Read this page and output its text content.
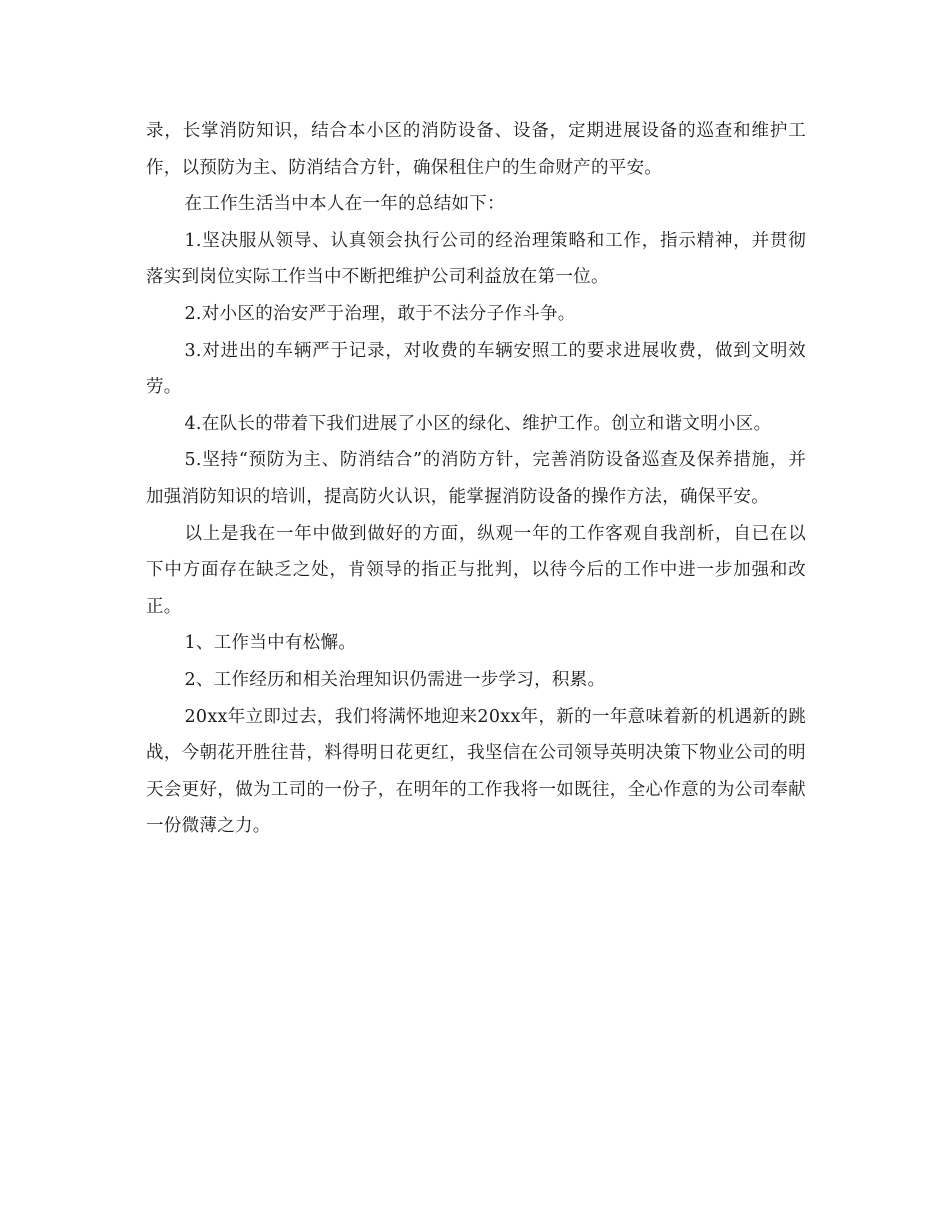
录，长掌消防知识，结合本小区的消防设备、设备，定期进展设备的巡查和维护工作，以预防为主、防消结合方针，确保租住户的生命财产的平安。

在工作生活当中本人在一年的总结如下：

1.坚决服从领导、认真领会执行公司的经治理策略和工作，指示精神，并贯彻落实到岗位实际工作当中不断把维护公司利益放在第一位。

2.对小区的治安严于治理，敢于不法分子作斗争。

3.对进出的车辆严于记录，对收费的车辆安照工的要求进展收费，做到文明效劳。

4.在队长的带着下我们进展了小区的绿化、维护工作。创立和谐文明小区。

5.坚持“预防为主、防消结合”的消防方针，完善消防设备巡查及保养措施，并加强消防知识的培训，提高防火认识，能掌握消防设备的操作方法，确保平安。

以上是我在一年中做到做好的方面，纵观一年的工作客观自我剖析，自已在以下中方面存在缺乏之处，肯领导的指正与批判，以待今后的工作中进一步加强和改正。

1、工作当中有松懈。

2、工作经历和相关治理知识仍需进一步学习，积累。

20xx年立即过去，我们将满怀地迎来20xx年，新的一年意味着新的机遇新的跳战，今朝花开胜往昔，料得明日花更红，我坚信在公司领导英明决策下物业公司的明天会更好，做为工司的一份子，在明年的工作我将一如既往，全心作意的为公司奉献一份微薄之力。
